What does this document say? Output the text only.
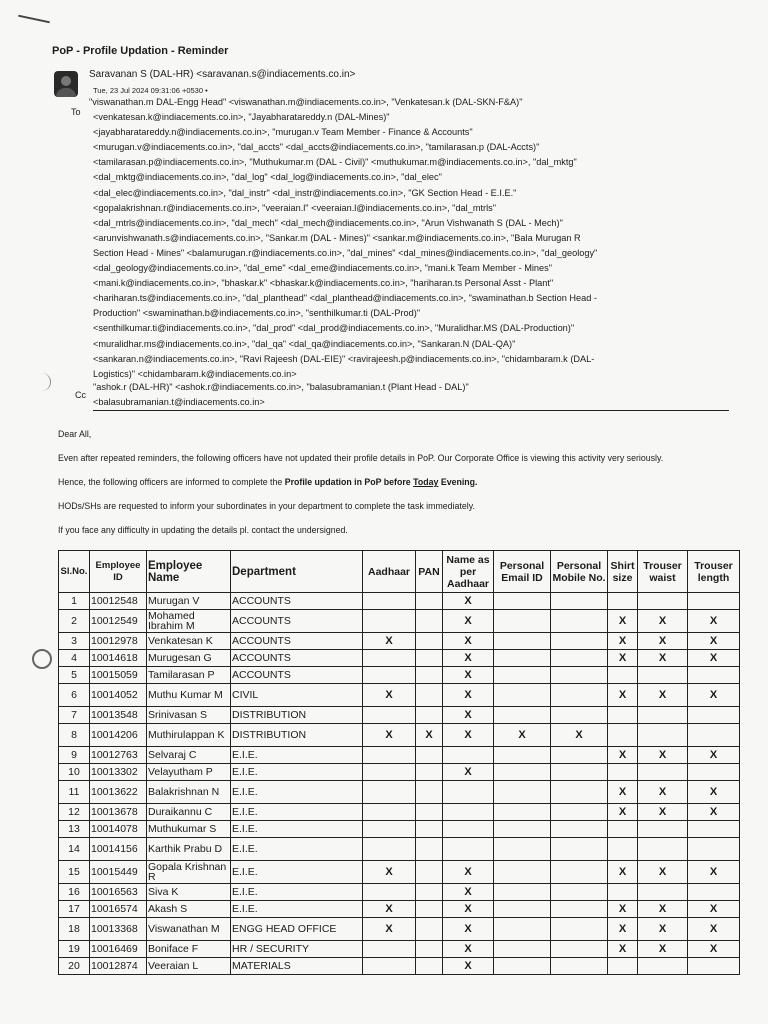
PoP - Profile Updation - Reminder
Saravanan S (DAL-HR) <saravanan.s@indiacements.co.in>
Tue, 23 Jul 2024 09:31:06 +0530 •
To
"viswanathan.m DAL-Engg Head" <viswanathan.m@indiacements.co.in>, "Venkatesan.k (DAL-SKN-F&A)"
<venkatesan.k@indiacements.co.in>, "Jayabharatareddy.n (DAL-Mines)"
<jayabharatareddy.n@indiacements.co.in>, "murugan.v Team Member - Finance & Accounts"
<murugan.v@indiacements.co.in>, "dal_accts" <dal_accts@indiacements.co.in>, "tamilarasan.p (DAL-Accts)"
<tamilarasan.p@indiacements.co.in>, "Muthukumar.m (DAL - Civil)" <muthukumar.m@indiacements.co.in>, "dal_mktg"
<dal_mktg@indiacements.co.in>, "dal_log" <dal_log@indiacements.co.in>, "dal_elec"
<dal_elec@indiacements.co.in>, "dal_instr" <dal_instr@indiacements.co.in>, "GK Section Head - E.I.E."
<gopalakrishnan.r@indiacements.co.in>, "veeraian.l" <veeraian.l@indiacements.co.in>, "dal_mtrls"
<dal_mtrls@indiacements.co.in>, "dal_mech" <dal_mech@indiacements.co.in>, "Arun Vishwanath S (DAL - Mech)"
<arunvishwanath.s@indiacements.co.in>, "Sankar.m (DAL - Mines)" <sankar.m@indiacements.co.in>, "Bala Murugan R
Section Head - Mines" <balamurugan.r@indiacements.co.in>, "dal_mines" <dal_mines@indiacements.co.in>, "dal_geology"
<dal_geology@indiacements.co.in>, "dal_eme" <dal_eme@indiacements.co.in>, "mani.k Team Member - Mines"
<mani.k@indiacements.co.in>, "bhaskar.k" <bhaskar.k@indiacements.co.in>, "hariharan.ts Personal Asst - Plant"
<hariharan.ts@indiacements.co.in>, "dal_planthead" <dal_planthead@indiacements.co.in>, "swaminathan.b Section Head -
Production" <swaminathan.b@indiacements.co.in>, "senthilkumar.ti (DAL-Prod)"
<senthilkumar.ti@indiacements.co.in>, "dal_prod" <dal_prod@indiacements.co.in>, "Muralidhar.MS (DAL-Production)"
<muralidhar.ms@indiacements.co.in>, "dal_qa" <dal_qa@indiacements.co.in>, "Sankaran.N (DAL-QA)"
<sankaran.n@indiacements.co.in>, "Ravi Rajeesh (DAL-EIE)" <ravirajeesh.p@indiacements.co.in>, "chidambaram.k (DAL-
Logistics)" <chidambaram.k@indiacements.co.in>
Cc
"ashok.r (DAL-HR)" <ashok.r@indiacements.co.in>, "balasubramanian.t (Plant Head - DAL)"
<balasubramanian.t@indiacements.co.in>

Dear All,

Even after repeated reminders, the following officers have not updated their profile details in PoP. Our Corporate Office is viewing this activity very seriously.

Hence, the following officers are informed to complete the Profile updation in PoP before Today Evening.

HODs/SHs are requested to inform your subordinates in your department to complete the task immediately.

If you face any difficulty in updating the details pl. contact the undersigned.

Sl.No.	Employee ID	Employee Name	Department	Aadhaar	PAN	Name as per Aadhaar	Personal Email ID	Personal Mobile No.	Shirt size	Trouser waist	Trouser length
1	10012548	Murugan V	ACCOUNTS			X					
2	10012549	Mohamed Ibrahim M	ACCOUNTS			X			X	X	X
3	10012978	Venkatesan K	ACCOUNTS	X		X			X	X	X
4	10014618	Murugesan G	ACCOUNTS			X			X	X	X
5	10015059	Tamilarasan P	ACCOUNTS			X					
6	10014052	Muthu Kumar M	CIVIL	X		X			X	X	X
7	10013548	Srinivasan S	DISTRIBUTION			X					
8	10014206	Muthirulappan K	DISTRIBUTION	X	X	X	X	X			
9	10012763	Selvaraj C	E.I.E.						X	X	X
10	10013302	Velayutham P	E.I.E.			X					
11	10013622	Balakrishnan N	E.I.E.						X	X	X
12	10013678	Duraikannu C	E.I.E.						X	X	X
13	10014078	Muthukumar S	E.I.E.								
14	10014156	Karthik Prabu D	E.I.E.								
15	10015449	Gopala Krishnan R	E.I.E.	X		X			X	X	X
16	10016563	Siva K	E.I.E.			X					
17	10016574	Akash S	E.I.E.	X		X			X	X	X
18	10013368	Viswanathan M	ENGG HEAD OFFICE	X		X			X	X	X
19	10016469	Boniface F	HR / SECURITY			X			X	X	X
20	10012874	Veeraian L	MATERIALS			X					
